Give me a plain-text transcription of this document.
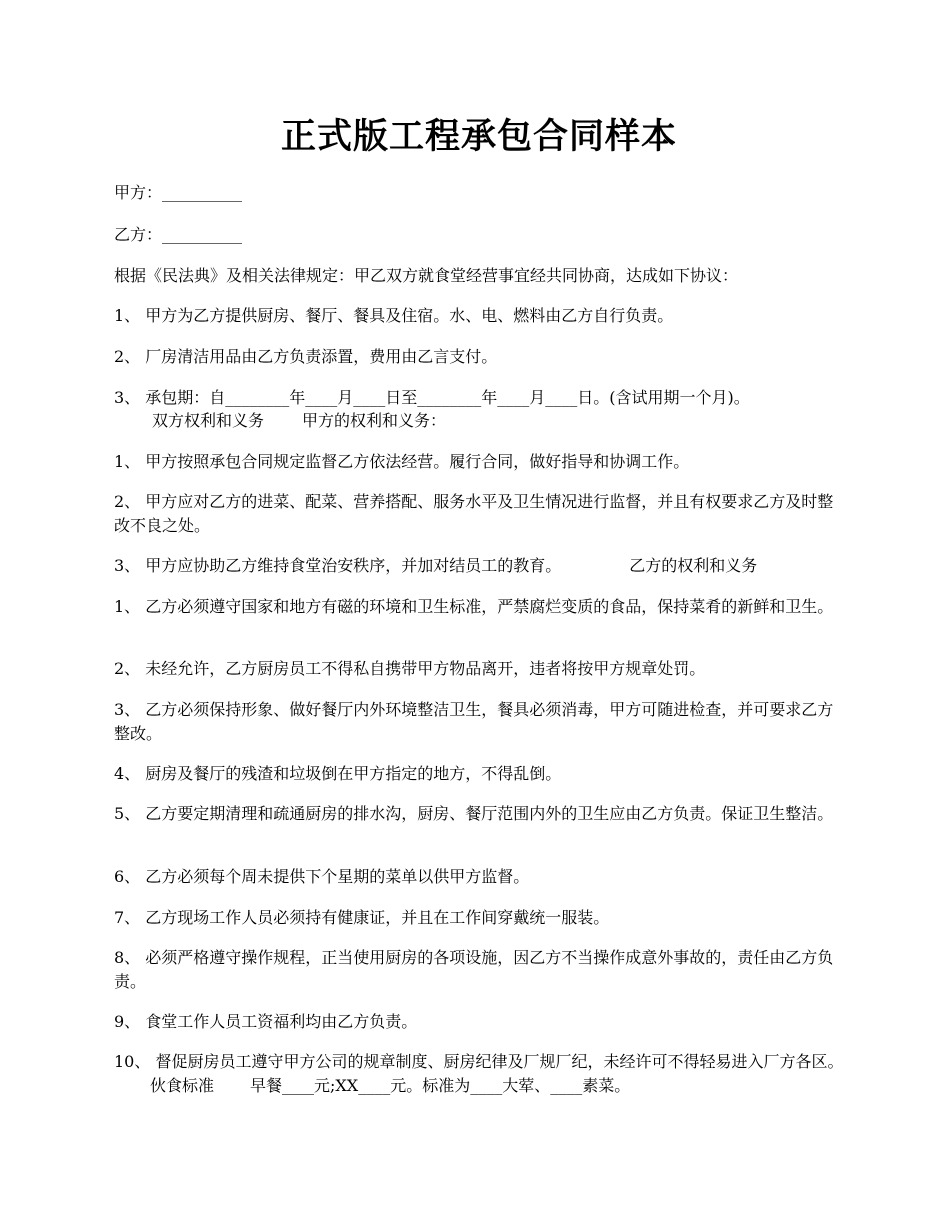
正式版工程承包合同样本
甲方：__________
乙方：__________
根据《民法典》及相关法律规定：甲乙双方就食堂经营事宜经共同协商，达成如下协议：
1、 甲方为乙方提供厨房、餐厅、餐具及住宿。水、电、燃料由乙方自行负责。
2、 厂房清洁用品由乙方负责添置，费用由乙言支付。
3、 承包期：自________年____月____日至________年____月____日。(含试用期一个月)。
双方权利和义务 甲方的权利和义务：
1、 甲方按照承包合同规定监督乙方依法经营。履行合同，做好指导和协调工作。
2、 甲方应对乙方的进菜、配菜、营养搭配、服务水平及卫生情况进行监督，并且有权要求乙方及时整改不良之处。
3、 甲方应协助乙方维持食堂治安秩序，并加对结员工的教育。	乙方的权利和义务
1、 乙方必须遵守国家和地方有磁的环境和卫生标准，严禁腐烂变质的食品，保持菜肴的新鲜和卫生。
2、 未经允许，乙方厨房员工不得私自携带甲方物品离开，违者将按甲方规章处罚。
3、 乙方必须保持形象、做好餐厅内外环境整洁卫生，餐具必须消毒，甲方可随进检查，并可要求乙方整改。
4、 厨房及餐厅的残渣和垃圾倒在甲方指定的地方，不得乱倒。
5、 乙方要定期清理和疏通厨房的排水沟，厨房、餐厅范围内外的卫生应由乙方负责。保证卫生整洁。
6、 乙方必须每个周未提供下个星期的菜单以供甲方监督。
7、 乙方现场工作人员必须持有健康证，并且在工作间穿戴统一服装。
8、 必须严格遵守操作规程，正当使用厨房的各项设施，因乙方不当操作成意外事故的，责任由乙方负责。
9、 食堂工作人员工资福利均由乙方负责。
10、 督促厨房员工遵守甲方公司的规章制度、厨房纪律及厂规厂纪，未经许可不得轻易进入厂方各区。伙食标准 早餐____元;XX____元。标准为____大荤、____素菜。
